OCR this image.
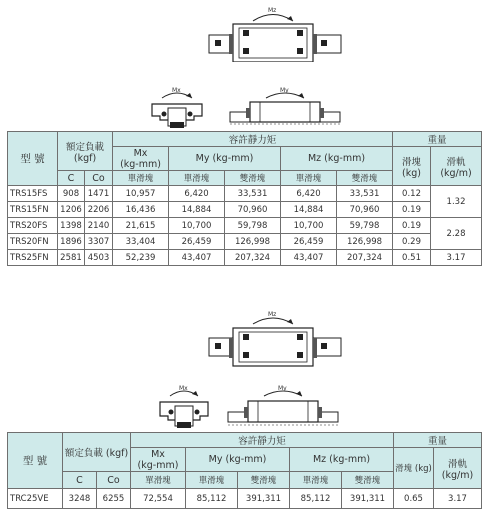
Mz
Mx	My
型 號	額定負載
(kgf)		容許靜力矩					重量	
			Mx
(kg-mm)	My (kg-mm)		Mz (kg-mm)		滑塊
(kg)	滑軌
(kg/m)
	C	Co	單滑塊	單滑塊	雙滑塊	單滑塊	雙滑塊		
TRS15FS	908	1471	10,957	6,420	33,531	6,420	33,531	0.12	1.32
TRS15FN	1206	2206	16,436	14,884	70,960	14,884	70,960	0.19	
TRS20FS	1398	2140	21,615	10,700	59,798	10,700	59,798	0.19	2.28
TRS20FN	1896	3307	33,404	26,459	126,998	26,459	126,998	0.29	
TRS25FN	2581	4503	52,239	43,407	207,324	43,407	207,324	0.51	3.17
Mz
Mx	My
型 號	額定負載 (kgf)		容許靜力矩					重量	
			Mx
(kg-mm)	My (kg-mm)		Mz (kg-mm)		滑塊 (kg)	滑軌
(kg/m)
	C	Co	單滑塊	單滑塊	雙滑塊	單滑塊	雙滑塊		
TRC25VE	3248	6255	72,554	85,112	391,311	85,112	391,311	0.65	3.17
